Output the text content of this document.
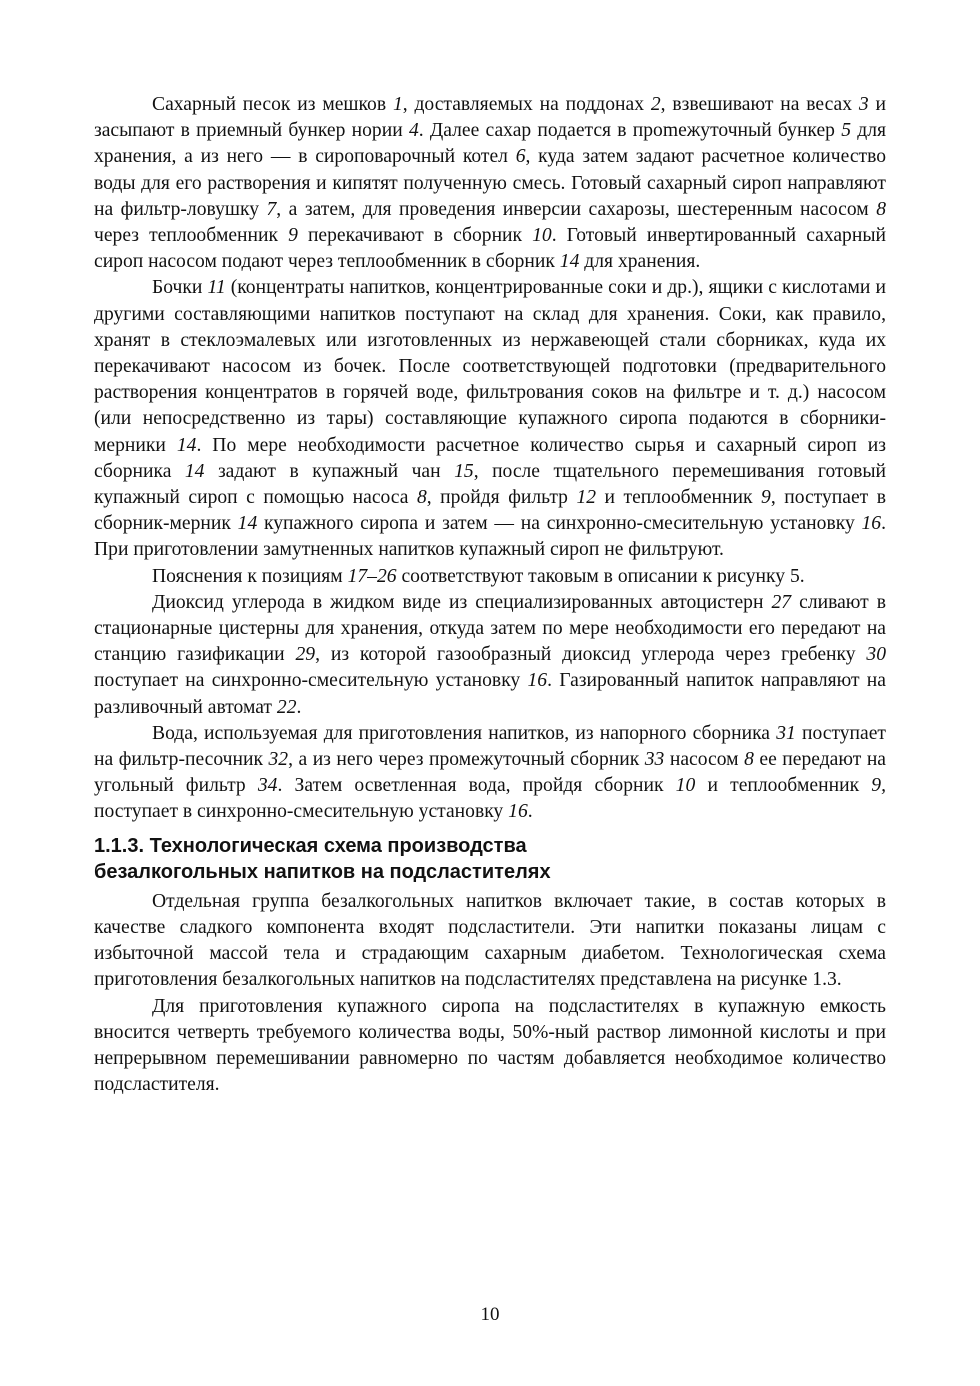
Сахарный песок из мешков 1, доставляемых на поддонах 2, взвешивают на весах 3 и засыпают в приемный бункер нории 4. Далее сахар подается в проmежуточный бункер 5 для хранения, а из него — в сироповарочный котел 6, куда затем задают расчетное количество воды для его растворения и кипятят полученную смесь. Готовый сахарный сироп направляют на фильтр-ловушку 7, а затем, для проведения инверсии сахарозы, шестеренным насосом 8 через теплообменник 9 перекачивают в сборник 10. Готовый инвертированный сахарный сироп насосом подают через теплообменник в сборник 14 для хранения.

Бочки 11 (концентраты напитков, концентрированные соки и др.), ящики с кислотами и другими составляющими напитков поступают на склад для хранения. Соки, как правило, хранят в стеклоэмалевых или изготовленных из нержавеющей стали сборниках, куда их перекачивают насосом из бочек. После соответствующей подготовки (предварительного растворения концентратов в горячей воде, фильтрования соков на фильтре и т. д.) насосом (или непосредственно из тары) составляющие купажного сиропа подаются в сборники-мерники 14. По мере необходимости расчетное количество сырья и сахарный сироп из сборника 14 задают в купажный чан 15, после тщательного перемешивания готовый купажный сироп с помощью насоса 8, пройдя фильтр 12 и теплообменник 9, поступает в сборник-мерник 14 купажного сиропа и затем — на синхронно-смесительную установку 16. При приготовлении замутненных напитков купажный сироп не фильтруют.

Пояснения к позициям 17–26 соответствуют таковым в описании к рисунку 5.

Диоксид углерода в жидком виде из специализированных автоцистерн 27 сливают в стационарные цистерны для хранения, откуда затем по мере необходимости его передают на станцию газификации 29, из которой газообразный диоксид углерода через гребенку 30 поступает на синхронно-смесительную установку 16. Газированный напиток направляют на разливочный автомат 22.

Вода, используемая для приготовления напитков, из напорного сборника 31 поступает на фильтр-песочник 32, а из него через промежуточный сборник 33 насосом 8 ее передают на угольный фильтр 34. Затем осветленная вода, пройдя сборник 10 и теплообменник 9, поступает в синхронно-смесительную установку 16.

1.1.3. Технологическая схема производства
безалкогольных напитков на подсластителях

Отдельная группа безалкогольных напитков включает такие, в состав которых в качестве сладкого компонента входят подсластители. Эти напитки показаны лицам с избыточной массой тела и страдающим сахарным диабетом. Технологическая схема приготовления безалкогольных напитков на подсластителях представлена на рисунке 1.3.

Для приготовления купажного сиропа на подсластителях в купажную емкость вносится четверть требуемого количества воды, 50%-ный раствор лимонной кислоты и при непрерывном перемешивании равномерно по частям добавляется необходимое количество подсластителя.

10
